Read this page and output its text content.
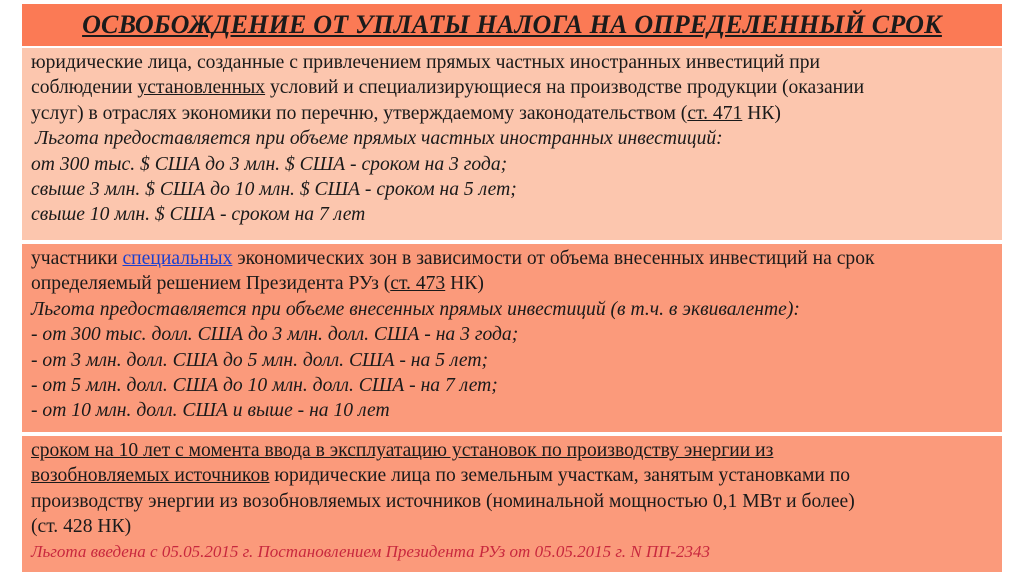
ОСВОБОЖДЕНИЕ ОТ УПЛАТЫ НАЛОГА НА ОПРЕДЕЛЕННЫЙ СРОК
юридические лица, созданные с привлечением прямых частных иностранных инвестиций при
соблюдении установленных условий и специализирующиеся на производстве продукции (оказании
услуг) в отраслях экономики по перечню, утверждаемому законодательством (ст. 471 НК)
Льгота предоставляется при объеме прямых частных иностранных инвестиций:
от 300 тыс. $ США до 3 млн. $ США - сроком на 3 года;
свыше 3 млн. $ США до 10 млн. $ США - сроком на 5 лет;
свыше 10 млн. $ США - сроком на 7 лет
участники специальных экономических зон в зависимости от объема внесенных инвестиций на срок
определяемый решением Президента РУз (ст. 473 НК)
Льгота предоставляется при объеме внесенных прямых инвестиций (в т.ч. в эквиваленте):
- от 300 тыс. долл. США до 3 млн. долл. США - на 3 года;
- от 3 млн. долл. США до 5 млн. долл. США - на 5 лет;
- от 5 млн. долл. США до 10 млн. долл. США - на 7 лет;
- от 10 млн. долл. США и выше - на 10 лет
сроком на 10 лет с момента ввода в эксплуатацию установок по производству энергии из
возобновляемых источников юридические лица по земельным участкам, занятым установками по
производству энергии из возобновляемых источников (номинальной мощностью 0,1 МВт и более)
(ст. 428 НК)
Льгота введена с 05.05.2015 г. Постановлением Президента РУз от 05.05.2015 г. N ПП-2343
